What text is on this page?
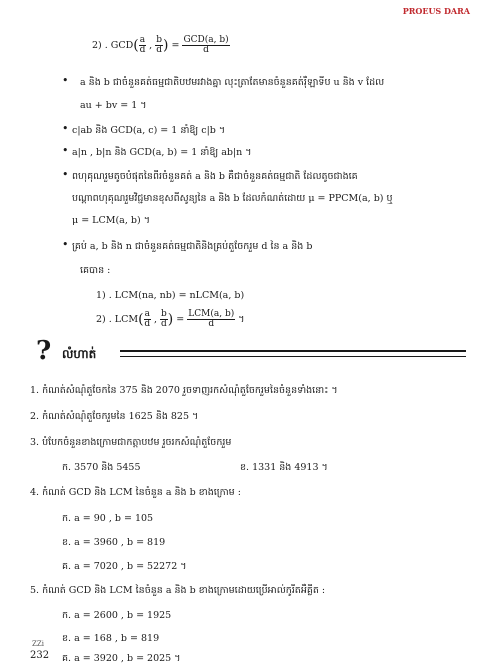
PROEUS DARA
2) . $GCD( \frac{a}{d}$ , $\frac{b}{d}$ ) = $\frac{\text{GCD(a, b)}}{d}$
• a និង b ជាចំនួនគត់ធម្មជាតិបឋមរវាងគ្នា លុះត្រាតែមានចំនួនគត់រ៉ឺឡាទីប u និង v ដែល
au + bv = 1 ។
• c|ab និង GCD(a, c) = 1 នាំឱ្យ c|b ។
• a|n , b|n និង GCD(a, b) = 1 នាំឱ្យ ab|n ។
• ពហុគុណរួមតូចបំផុតនៃពីរចំនួនគត់ a និង b គឺជាចំនួនគត់ធម្មជាតិ ដែលតូចជាងគេ
បណ្តាពហុគុណរួមវិជ្ជមានខុសពីសូន្យនៃ a និង b ដែលកំណត់ដោយ μ = PPCM(a, b) ឬ
μ = LCM(a, b) ។
• គ្រប់ a, b និង n ជាចំនួនគត់ធម្មជាតិនិងគ្រប់តួចែករួម d នៃ a និង b
គេបាន :
1) . LCM(na, nb) = nLCM(a, b)
2) . $LCM( \frac{a}{d}$ , $\frac{b}{d}$ ) = $\frac{\text{LCM(a, b)}}{d}$ ។
? លំហាត់
1. កំណត់សំណុំតួចែកនៃ 375 និង 2070 រួចទាញរកសំណុំតួចែករួមនៃចំនួនទាំងនោះ ។
2. កំណត់សំណុំតួចែករួមនៃ 1625 និង 825 ។
3. បំបែកចំនួនខាងក្រោមជាកត្តាបឋម រួចរកសំណុំតួចែករួម
ក. 3570 និង 5455	ខ. 1331 និង 4913 ។
4. កំណត់ GCD និង LCM នៃចំនួន a និង b ខាងក្រោម :
ក. a = 90 , b = 105
ខ. a = 3960 , b = 819
គ. a = 7020 , b = 52272 ។
5. កំណត់ GCD និង LCM នៃចំនួន a និង b ខាងក្រោមដោយប្រើអាល់កូរីតអឺគ្លីត :
ក. a = 2600 , b = 1925
ខ. a = 168 , b = 819
គ. a = 3920 , b = 2025 ។
ZZi
232
